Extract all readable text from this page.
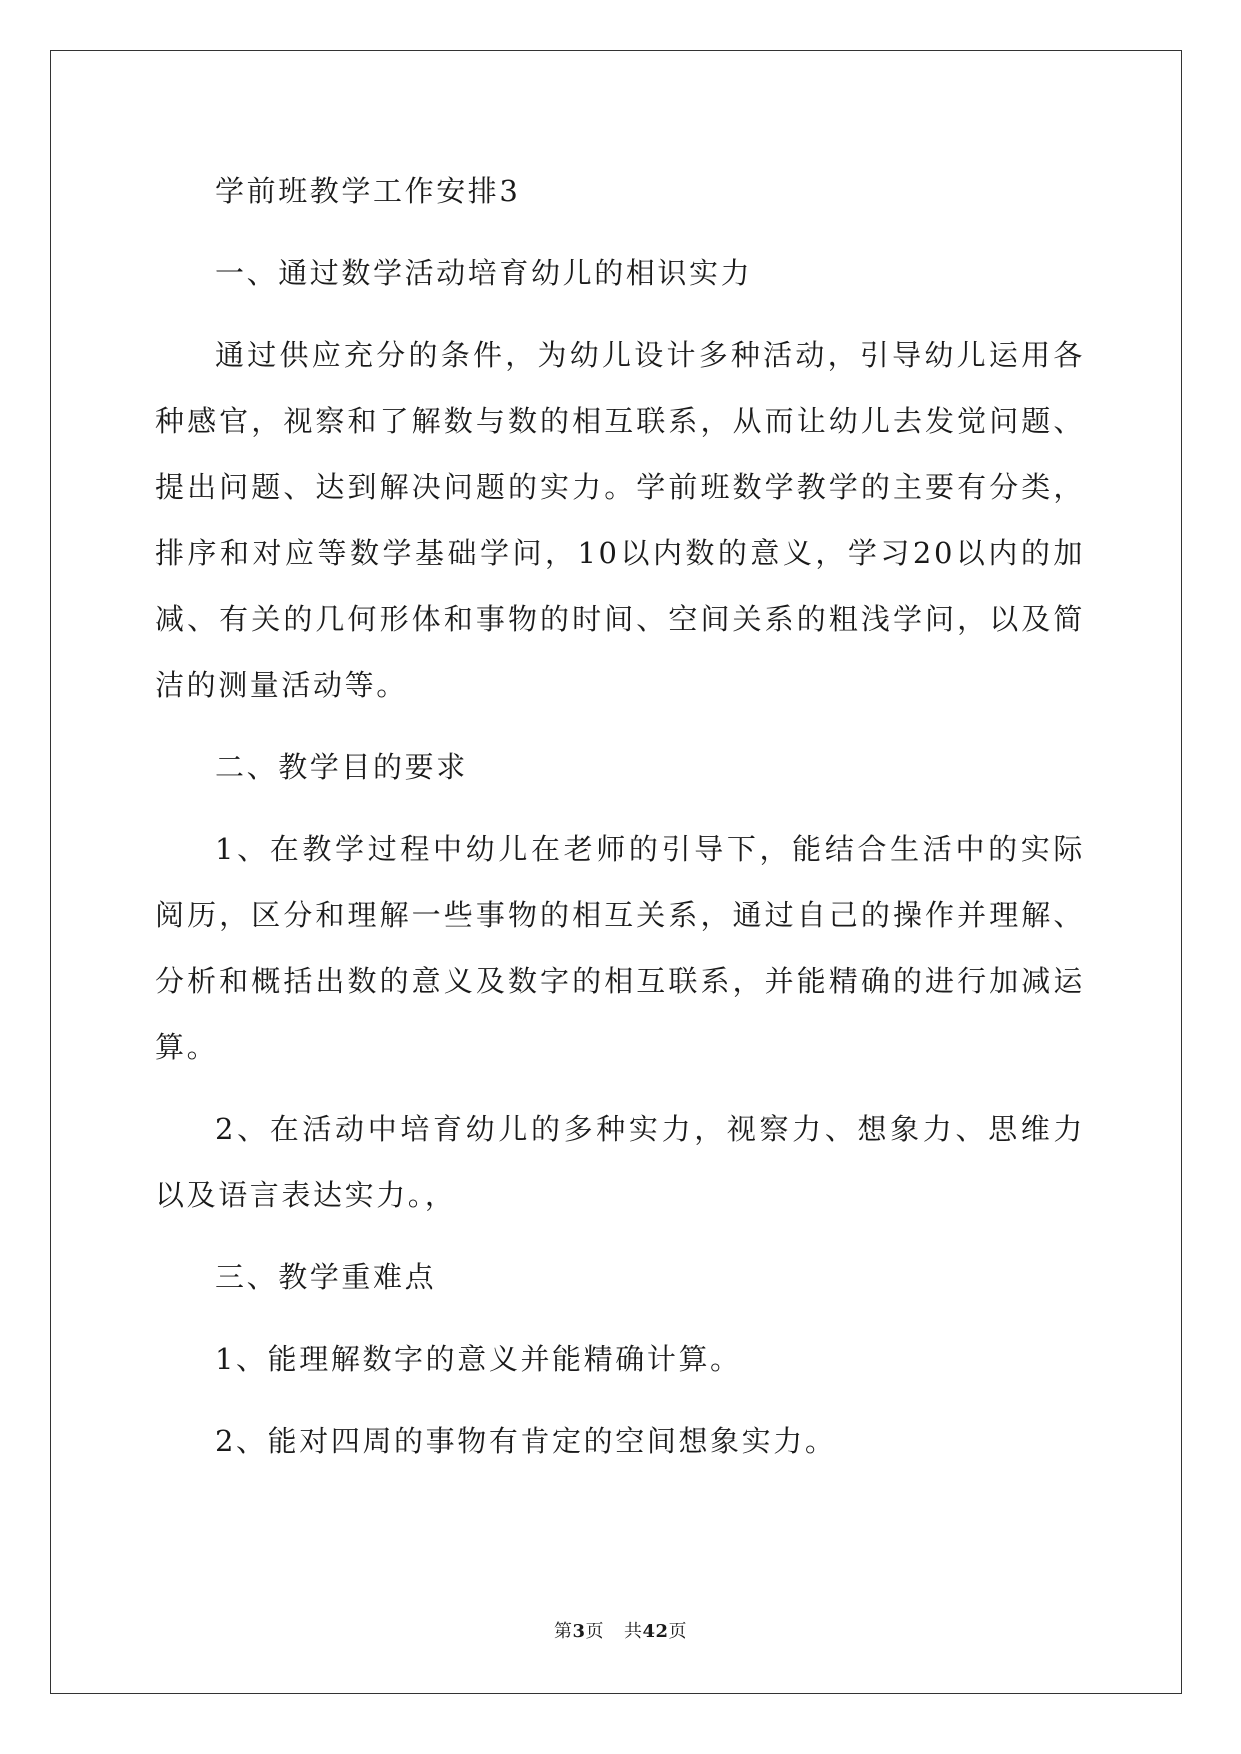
学前班教学工作安排3

一、通过数学活动培育幼儿的相识实力

通过供应充分的条件，为幼儿设计多种活动，引导幼儿运用各种感官，视察和了解数与数的相互联系，从而让幼儿去发觉问题、提出问题、达到解决问题的实力。学前班数学教学的主要有分类，排序和对应等数学基础学问，10以内数的意义，学习20以内的加减、有关的几何形体和事物的时间、空间关系的粗浅学问，以及简洁的测量活动等。

二、教学目的要求

1、在教学过程中幼儿在老师的引导下，能结合生活中的实际阅历，区分和理解一些事物的相互关系，通过自己的操作并理解、分析和概括出数的意义及数字的相互联系，并能精确的进行加减运算。

2、在活动中培育幼儿的多种实力，视察力、想象力、思维力以及语言表达实力。，

三、教学重难点

1、能理解数字的意义并能精确计算。

2、能对四周的事物有肯定的空间想象实力。

第3页 共42页
